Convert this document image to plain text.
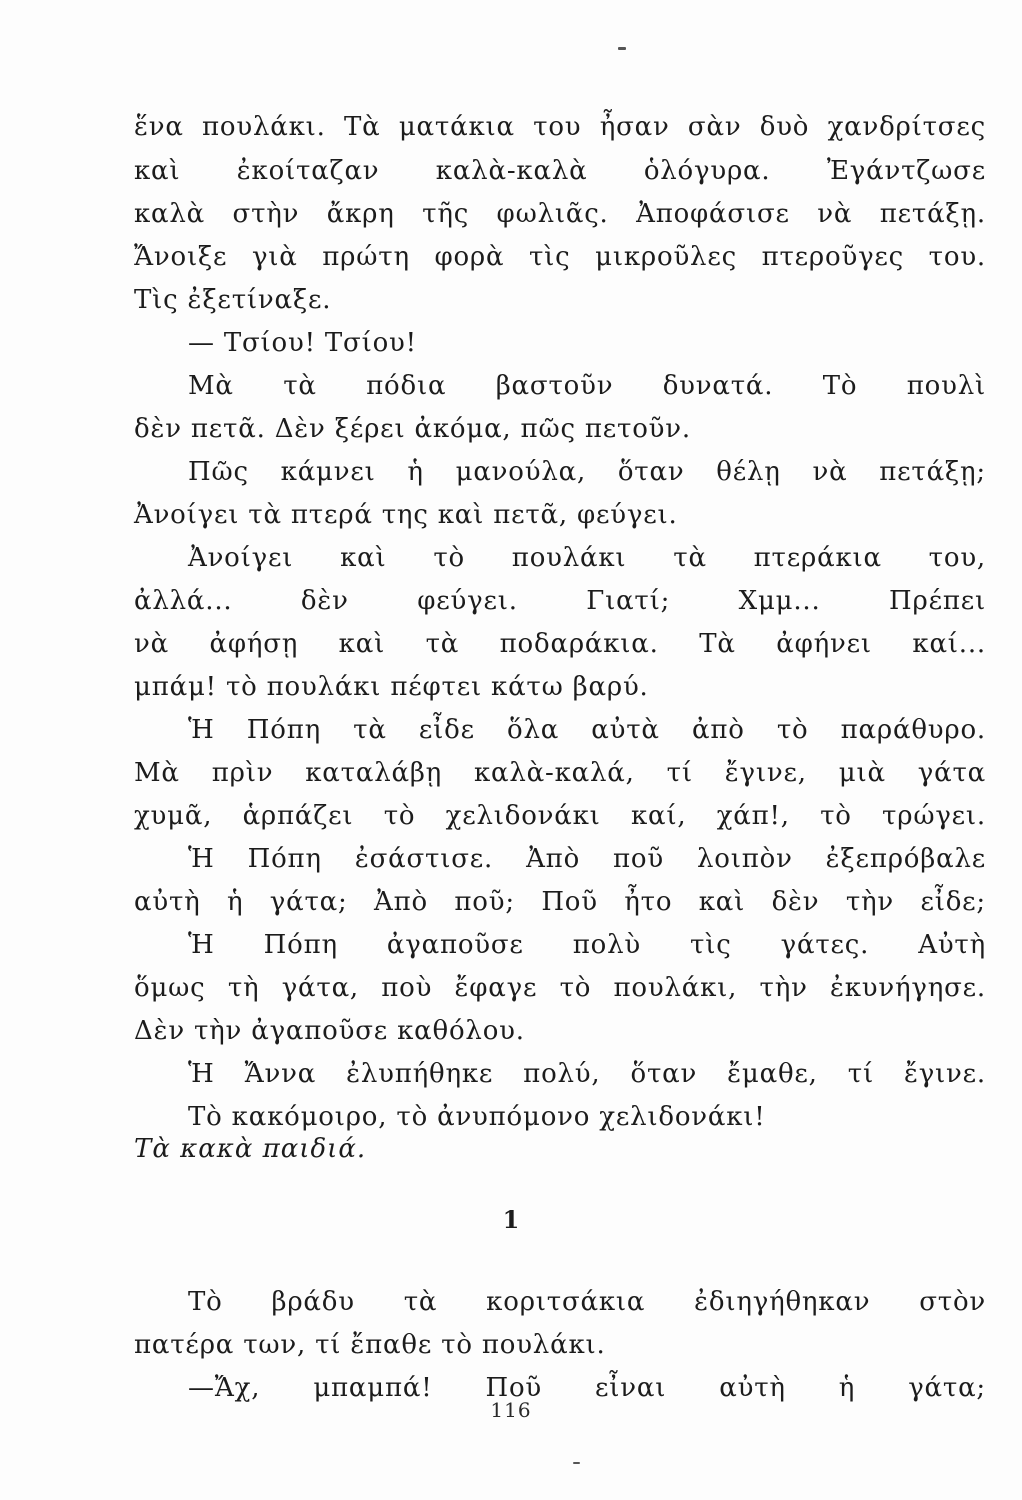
ἕνα πουλάκι. Τὰ ματάκια του ἦσαν σὰν δυὸ χανδρίτσες
καὶ ἐκοίταζαν καλὰ-καλὰ ὁλόγυρα. Ἐγάντζωσε
καλὰ στὴν ἄκρη τῆς φωλιᾶς. Ἀποφάσισε νὰ πετάξῃ.
Ἄνοιξε γιὰ πρώτη φορὰ τὶς μικροῦλες πτεροῦγες του.
Τὶς ἐξετίναξε.
— Τσίου! Τσίου!
Μὰ τὰ πόδια βαστοῦν δυνατά. Τὸ πουλὶ
δὲν πετᾶ. Δὲν ξέρει ἀκόμα, πῶς πετοῦν.
Πῶς κάμνει ἡ μανούλα, ὅταν θέλῃ νὰ πετάξῃ;
Ἀνοίγει τὰ πτερά της καὶ πετᾶ, φεύγει.
Ἀνοίγει καὶ τὸ πουλάκι τὰ πτεράκια του,
ἀλλά... δὲν φεύγει. Γιατί; Χμμ... Πρέπει
νὰ ἀφήσῃ καὶ τὰ ποδαράκια. Τὰ ἀφήνει καί...
μπάμ! τὸ πουλάκι πέφτει κάτω βαρύ.
Ἡ Πόπη τὰ εἶδε ὅλα αὐτὰ ἀπὸ τὸ παράθυρο.
Μὰ πρὶν καταλάβῃ καλὰ-καλά, τί ἔγινε, μιὰ γάτα
χυμᾶ, ἁρπάζει τὸ χελιδονάκι καί, χάπ!, τὸ τρώγει.
Ἡ Πόπη ἐσάστισε. Ἀπὸ ποῦ λοιπὸν ἐξεπρόβαλε
αὐτὴ ἡ γάτα; Ἀπὸ ποῦ; Ποῦ ἦτο καὶ δὲν τὴν εἶδε;
Ἡ Πόπη ἀγαποῦσε πολὺ τὶς γάτες. Αὐτὴ
ὅμως τὴ γάτα, ποὺ ἔφαγε τὸ πουλάκι, τὴν ἐκυνήγησε.
Δὲν τὴν ἀγαποῦσε καθόλου.
Ἡ Ἄννα ἐλυπήθηκε πολύ, ὅταν ἔμαθε, τί ἔγινε.
Τὸ κακόμοιρο, τὸ ἀνυπόμονο χελιδονάκι!
Τὸ βράδυ τὰ κοριτσάκια ἐδιηγήθηκαν στὸν
πατέρα των, τί ἔπαθε τὸ πουλάκι.
—Ἄχ, μπαμπά! Ποῦ εἶναι αὐτὴ ἡ γάτα;
Τὰ κακὰ παιδιά.
1
116
